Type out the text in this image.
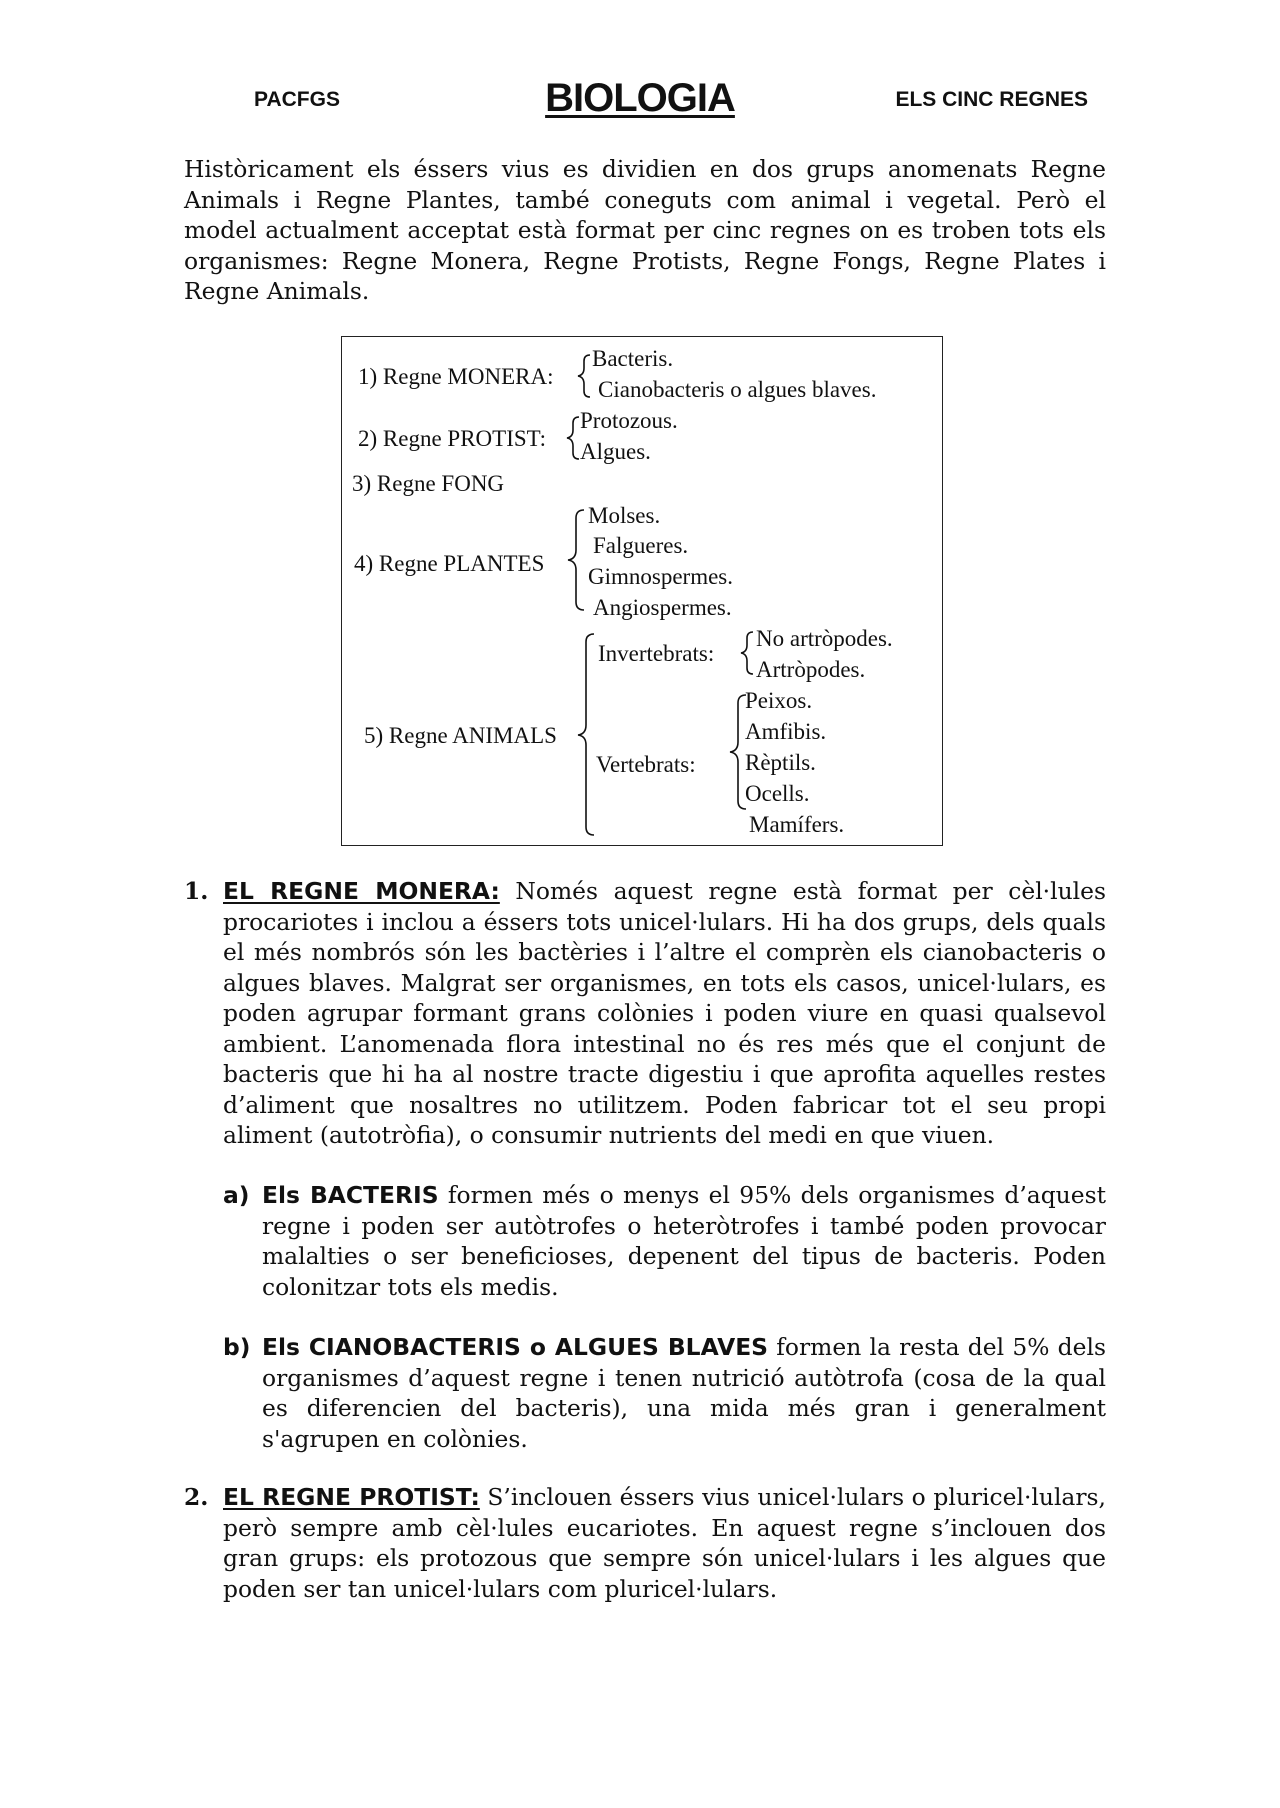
PACFGS	BIOLOGIA	ELS CINC REGNES

Històricament els éssers vius es dividien en dos grups anomenats Regne Animals i Regne Plantes, també coneguts com animal i vegetal. Però el model actualment acceptat està format per cinc regnes on es troben tots els organismes: Regne Monera, Regne Protists, Regne Fongs, Regne Plates i Regne Animals.

1) Regne MONERA:
Bacteris.
Cianobacteris o algues blaves.
2) Regne PROTIST:
Protozous.
Algues.
3) Regne FONG
4) Regne PLANTES
Molses.
Falgueres.
Gimnospermes.
Angiospermes.
5) Regne ANIMALS
Invertebrats:
No artròpodes.
Artròpodes.
Vertebrats:
Peixos.
Amfibis.
Rèptils.
Ocells.
Mamífers.
1. EL REGNE MONERA: Només aquest regne està format per cèl·lules procariotes i inclou a éssers tots unicel·lulars. Hi ha dos grups, dels quals el més nombrós són les bactèries i l’altre el comprèn els cianobacteris o algues blaves. Malgrat ser organismes, en tots els casos, unicel·lulars, es poden agrupar formant grans colònies i poden viure en quasi qualsevol ambient. L’anomenada flora intestinal no és res més que el conjunt de bacteris que hi ha al nostre tracte digestiu i que aprofita aquelles restes d’aliment que nosaltres no utilitzem. Poden fabricar tot el seu propi aliment (autotròfia), o consumir nutrients del medi en que viuen.

a) Els BACTERIS formen més o menys el 95% dels organismes d’aquest regne i poden ser autòtrofes o heteròtrofes i també poden provocar malalties o ser beneficioses, depenent del tipus de bacteris. Poden colonitzar tots els medis.

b) Els CIANOBACTERIS o ALGUES BLAVES formen la resta del 5% dels organismes d’aquest regne i tenen nutrició autòtrofa (cosa de la qual es diferencien del bacteris), una mida més gran i generalment s'agrupen en colònies.

2. EL REGNE PROTIST: S’inclouen éssers vius unicel·lulars o pluricel·lulars, però sempre amb cèl·lules eucariotes. En aquest regne s’inclouen dos gran grups: els protozous que sempre són unicel·lulars i les algues que poden ser tan unicel·lulars com pluricel·lulars.
